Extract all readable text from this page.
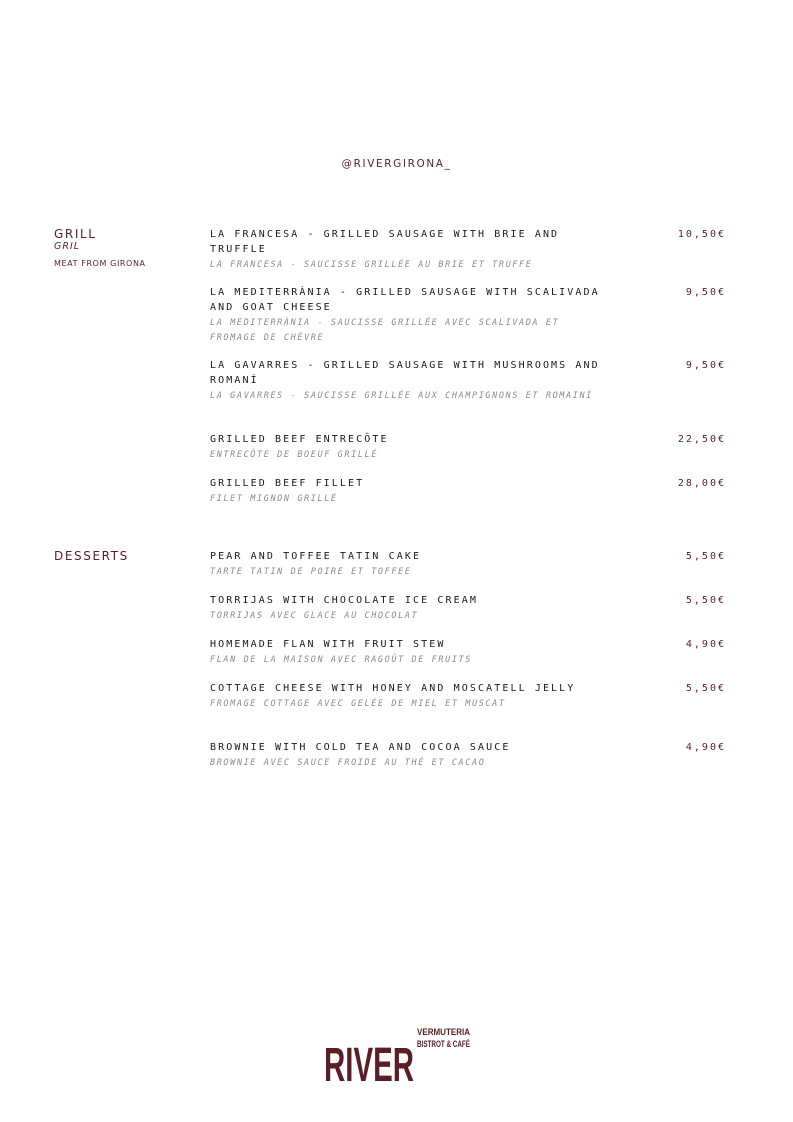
@RIVERGIRONA_
GRILL
GRIL
MEAT FROM GIRONA
LA FRANCESA - GRILLED SAUSAGE WITH BRIE AND TRUFFLE
LA FRANCESA - SAUCISSE GRILLÉE AU BRIE ET TRUFFE
10,50€
LA MEDITERRÀNIA - GRILLED SAUSAGE WITH SCALIVADA AND GOAT CHEESE
LA MEDITERRÀNIA - SAUCISSE GRILLÉE AVEC SCALIVADA ET FROMAGE DE CHÈVRE
9,50€
LA GAVARRES - GRILLED SAUSAGE WITH MUSHROOMS AND ROMANÍ
LA GAVARRES - SAUCISSE GRILLÉE AUX CHAMPIGNONS ET ROMAINÍ
9,50€
GRILLED BEEF ENTRECÔTE
ENTRECÔTE DE BOEUF GRILLÉ
22,50€
GRILLED BEEF FILLET
FILET MIGNON GRILLÉ
28,00€
DESSERTS	PEAR AND TOFFEE TATIN CAKE
TARTE TATIN DE POIRE ET TOFFEE
5,50€
TORRIJAS WITH CHOCOLATE ICE CREAM
TORRIJAS AVEC GLACE AU CHOCOLAT
5,50€
HOMEMADE FLAN WITH FRUIT STEW
FLAN DE LA MAISON AVEC RAGOÛT DE FRUITS
4,90€
COTTAGE CHEESE WITH HONEY AND MOSCATELL JELLY
FROMAGE COTTAGE AVEC GELÉE DE MIEL ET MUSCAT
5,50€
BROWNIE WITH COLD TEA AND COCOA SAUCE
BROWNIE AVEC SAUCE FROIDE AU THÉ ET CACAO
4,90€
RIVER
VERMUTERIA
BISTROT & CAFÉ
